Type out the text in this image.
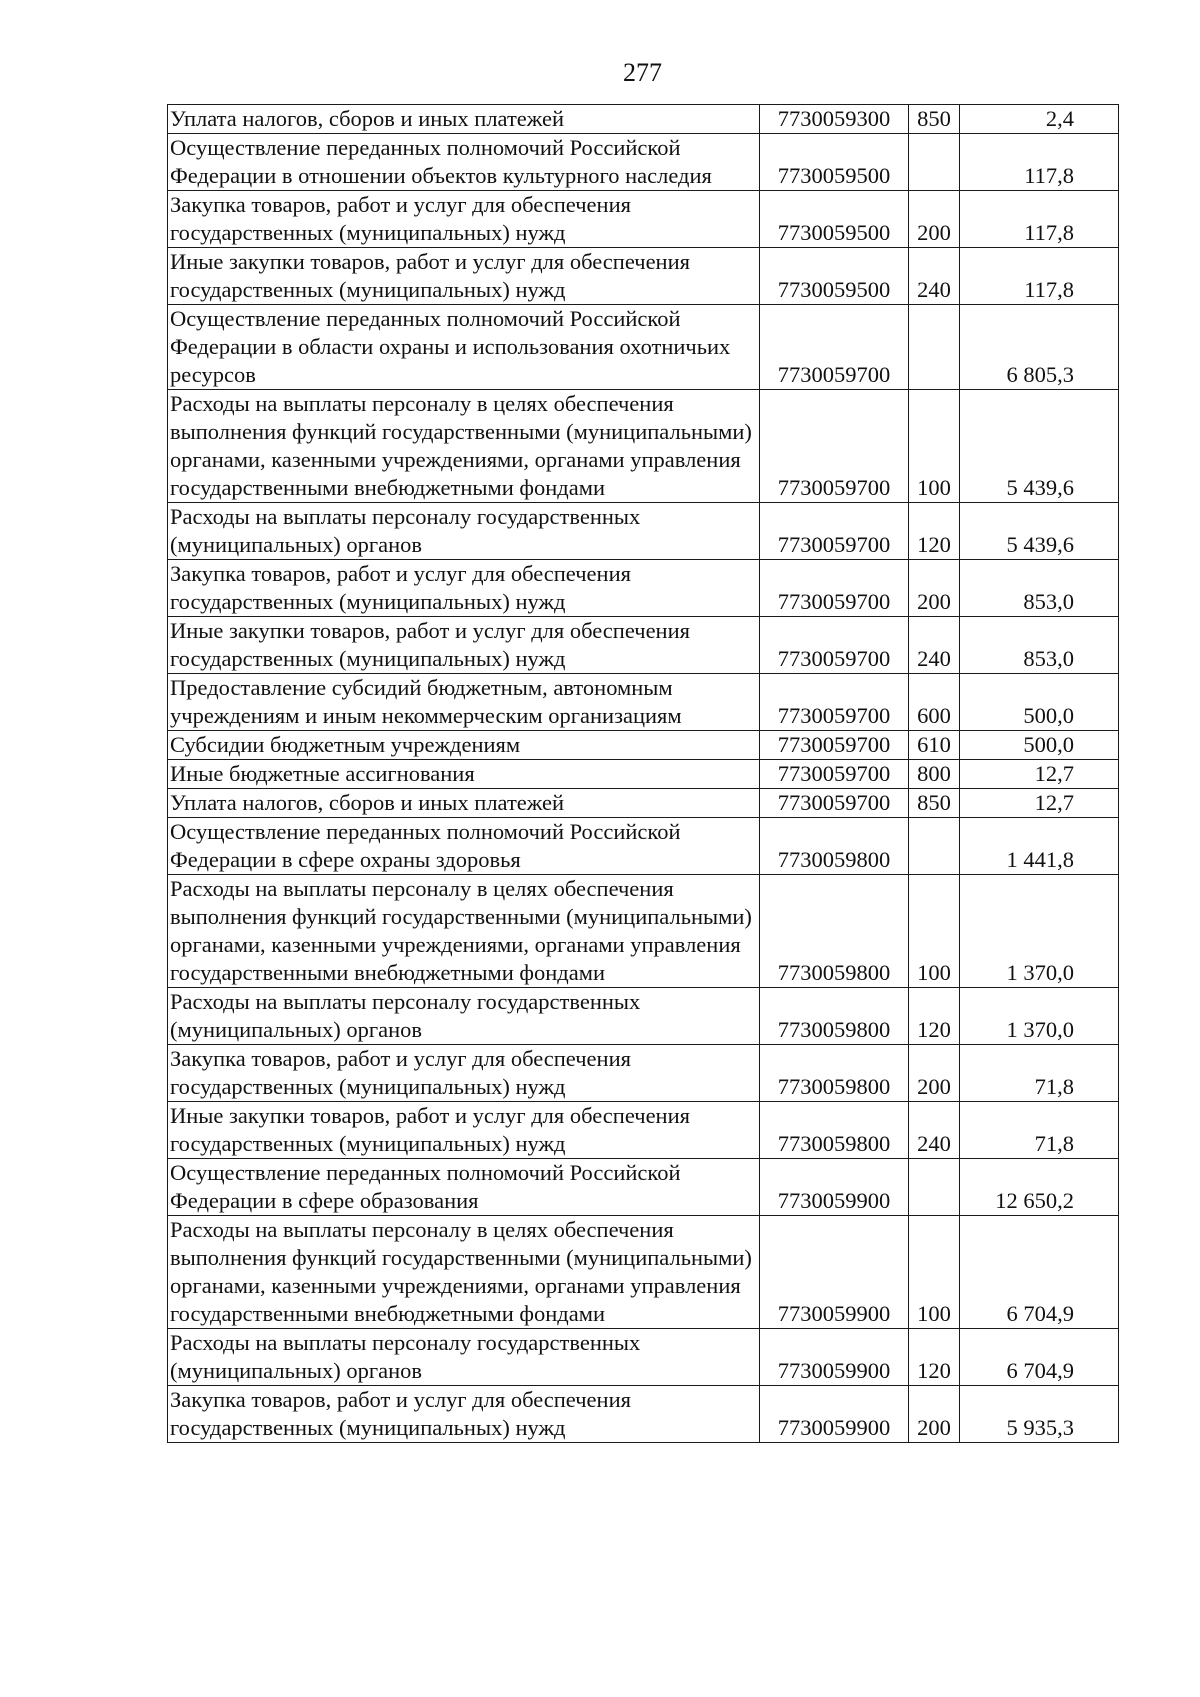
277
Уплата налогов, сборов и иных платежей	7730059300	850	2,4
Осуществление переданных полномочий Российской Федерации в отношении объектов культурного наследия	7730059500		117,8
Закупка товаров, работ и услуг для обеспечения государственных (муниципальных) нужд	7730059500	200	117,8
Иные закупки товаров, работ и услуг для обеспечения государственных (муниципальных) нужд	7730059500	240	117,8
Осуществление переданных полномочий Российской Федерации в области охраны и использования охотничьих ресурсов	7730059700		6 805,3
Расходы на выплаты персоналу в целях обеспечения выполнения функций государственными (муниципальными) органами, казенными учреждениями, органами управления государственными внебюджетными фондами	7730059700	100	5 439,6
Расходы на выплаты персоналу государственных (муниципальных) органов	7730059700	120	5 439,6
Закупка товаров, работ и услуг для обеспечения государственных (муниципальных) нужд	7730059700	200	853,0
Иные закупки товаров, работ и услуг для обеспечения государственных (муниципальных) нужд	7730059700	240	853,0
Предоставление субсидий бюджетным, автономным учреждениям и иным некоммерческим организациям	7730059700	600	500,0
Субсидии бюджетным учреждениям	7730059700	610	500,0
Иные бюджетные ассигнования	7730059700	800	12,7
Уплата налогов, сборов и иных платежей	7730059700	850	12,7
Осуществление переданных полномочий Российской Федерации в сфере охраны здоровья	7730059800		1 441,8
Расходы на выплаты персоналу в целях обеспечения выполнения функций государственными (муниципальными) органами, казенными учреждениями, органами управления государственными внебюджетными фондами	7730059800	100	1 370,0
Расходы на выплаты персоналу государственных (муниципальных) органов	7730059800	120	1 370,0
Закупка товаров, работ и услуг для обеспечения государственных (муниципальных) нужд	7730059800	200	71,8
Иные закупки товаров, работ и услуг для обеспечения государственных (муниципальных) нужд	7730059800	240	71,8
Осуществление переданных полномочий Российской Федерации в сфере образования	7730059900		12 650,2
Расходы на выплаты персоналу в целях обеспечения выполнения функций государственными (муниципальными) органами, казенными учреждениями, органами управления государственными внебюджетными фондами	7730059900	100	6 704,9
Расходы на выплаты персоналу государственных (муниципальных) органов	7730059900	120	6 704,9
Закупка товаров, работ и услуг для обеспечения государственных (муниципальных) нужд	7730059900	200	5 935,3
